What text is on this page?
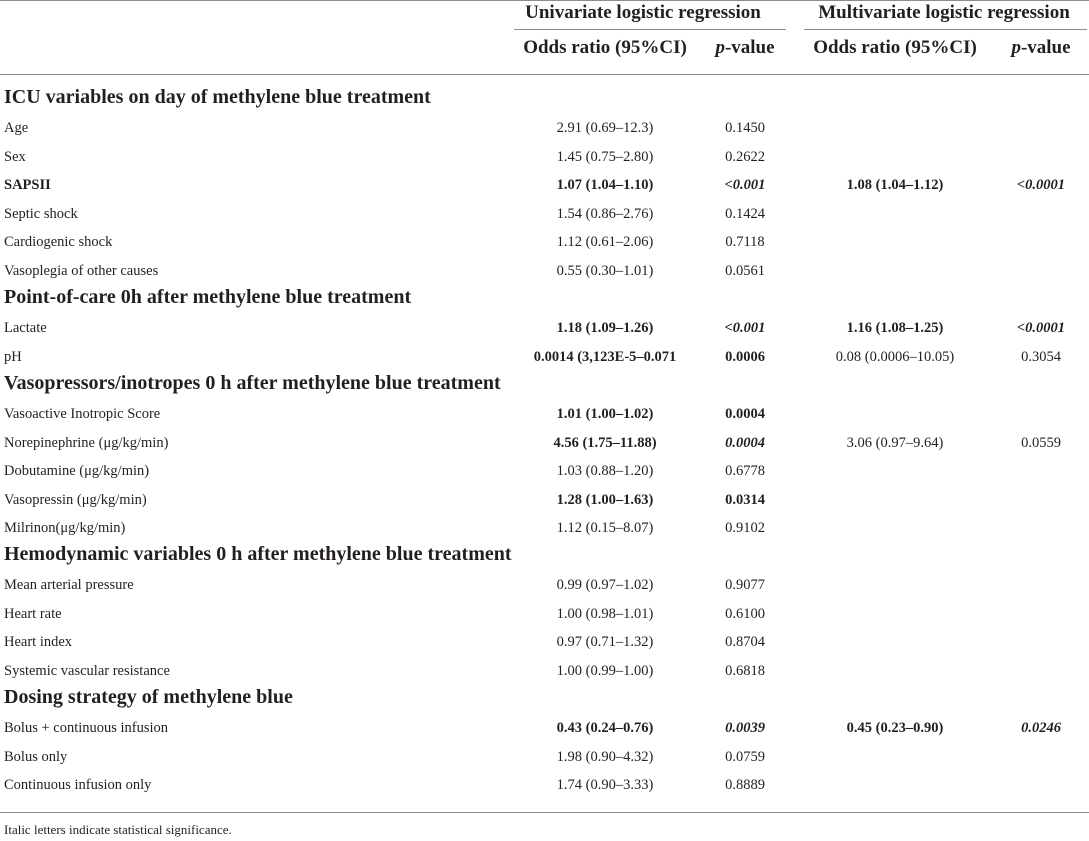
Univariate logistic regression	Multivariate logistic regression
Odds ratio (95%CI)	p-value	Odds ratio (95%CI)	p-value
ICU variables on day of methylene blue treatment
Age	2.91 (0.69–12.3)	0.1450
Sex	1.45 (0.75–2.80)	0.2622
SAPSII	1.07 (1.04–1.10)	<0.001	1.08 (1.04–1.12)	<0.0001
Septic shock	1.54 (0.86–2.76)	0.1424
Cardiogenic shock	1.12 (0.61–2.06)	0.7118
Vasoplegia of other causes	0.55 (0.30–1.01)	0.0561
Point-of-care 0h after methylene blue treatment
Lactate	1.18 (1.09–1.26)	<0.001	1.16 (1.08–1.25)	<0.0001
pH	0.0014 (3,123E-5–0.071	0.0006	0.08 (0.0006–10.05)	0.3054
Vasopressors/inotropes 0 h after methylene blue treatment
Vasoactive Inotropic Score	1.01 (1.00–1.02)	0.0004
Norepinephrine (μg/kg/min)	4.56 (1.75–11.88)	0.0004	3.06 (0.97–9.64)	0.0559
Dobutamine (μg/kg/min)	1.03 (0.88–1.20)	0.6778
Vasopressin (μg/kg/min)	1.28 (1.00–1.63)	0.0314
Milrinon(μg/kg/min)	1.12 (0.15–8.07)	0.9102
Hemodynamic variables 0 h after methylene blue treatment
Mean arterial pressure	0.99 (0.97–1.02)	0.9077
Heart rate	1.00 (0.98–1.01)	0.6100
Heart index	0.97 (0.71–1.32)	0.8704
Systemic vascular resistance	1.00 (0.99–1.00)	0.6818
Dosing strategy of methylene blue
Bolus + continuous infusion	0.43 (0.24–0.76)	0.0039	0.45 (0.23–0.90)	0.0246
Bolus only	1.98 (0.90–4.32)	0.0759
Continuous infusion only	1.74 (0.90–3.33)	0.8889
Italic letters indicate statistical significance.
